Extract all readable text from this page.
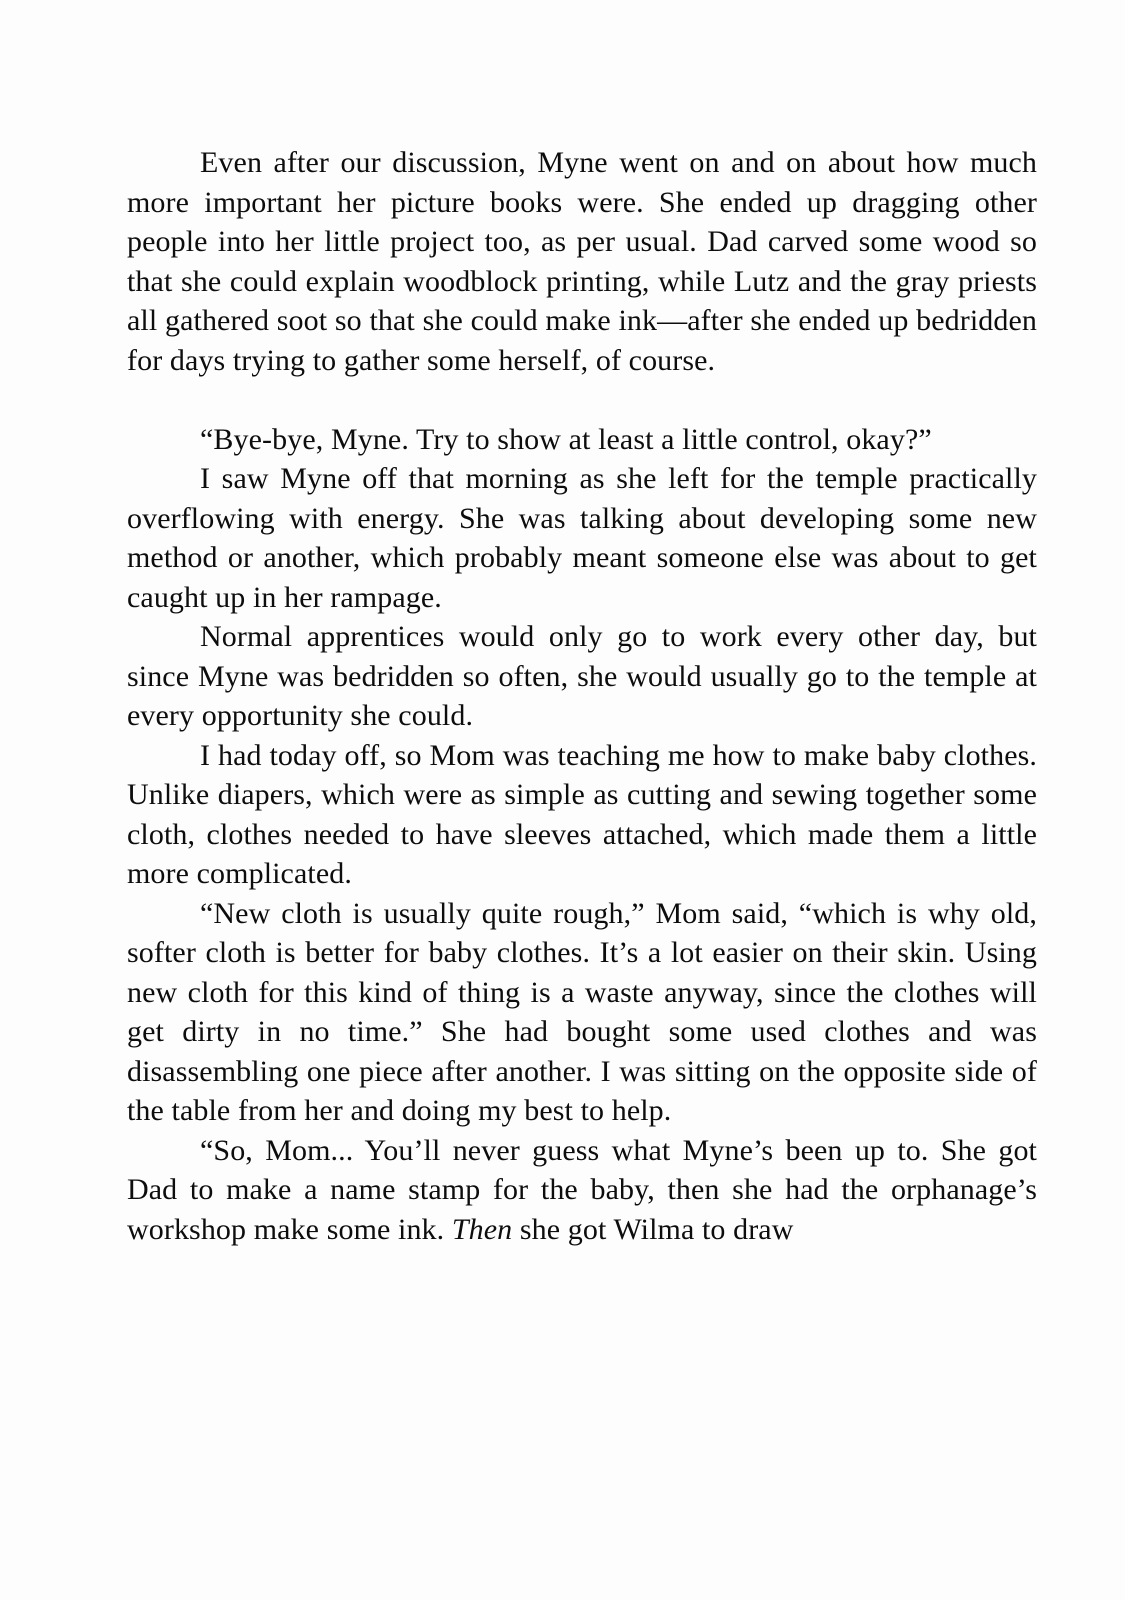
Even after our discussion, Myne went on and on about how much more important her picture books were. She ended up dragging other people into her little project too, as per usual. Dad carved some wood so that she could explain woodblock printing, while Lutz and the gray priests all gathered soot so that she could make ink—after she ended up bedridden for days trying to gather some herself, of course.

“Bye-bye, Myne. Try to show at least a little control, okay?”

I saw Myne off that morning as she left for the temple practically overflowing with energy. She was talking about developing some new method or another, which probably meant someone else was about to get caught up in her rampage.

Normal apprentices would only go to work every other day, but since Myne was bedridden so often, she would usually go to the temple at every opportunity she could.

I had today off, so Mom was teaching me how to make baby clothes. Unlike diapers, which were as simple as cutting and sewing together some cloth, clothes needed to have sleeves attached, which made them a little more complicated.

“New cloth is usually quite rough,” Mom said, “which is why old, softer cloth is better for baby clothes. It’s a lot easier on their skin. Using new cloth for this kind of thing is a waste anyway, since the clothes will get dirty in no time.” She had bought some used clothes and was disassembling one piece after another. I was sitting on the opposite side of the table from her and doing my best to help.

“So, Mom... You’ll never guess what Myne’s been up to. She got Dad to make a name stamp for the baby, then she had the orphanage’s workshop make some ink. Then she got Wilma to draw
